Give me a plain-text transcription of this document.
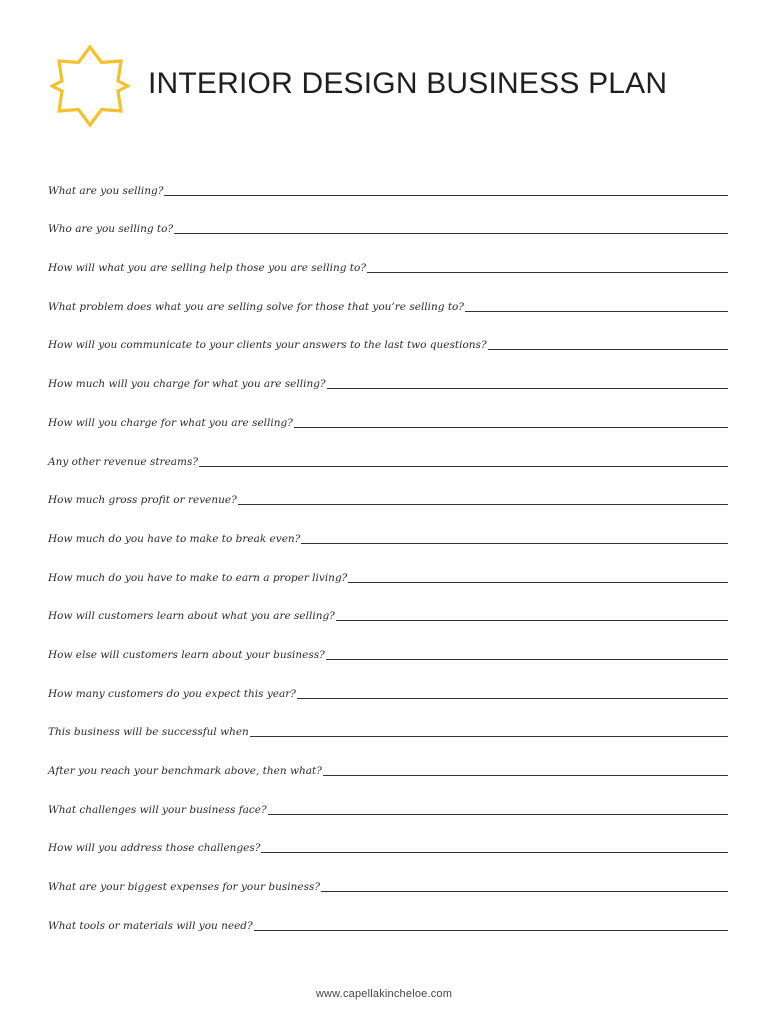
INTERIOR DESIGN BUSINESS PLAN
What are you selling?
Who are you selling to?
How will what you are selling help those you are selling to?
What problem does what you are selling solve for those that you’re selling to?
How will you communicate to your clients your answers to the last two questions?
How much will you charge for what you are selling?
How will you charge for what you are selling?
Any other revenue streams?
How much gross profit or revenue?
How much do you have to make to break even?
How much do you have to make to earn a proper living?
How will customers learn about what you are selling?
How else will customers learn about your business?
How many customers do you expect this year?
This business will be successful when
After you reach your benchmark above, then what?
What challenges will your business face?
How will you address those challenges?
What are your biggest expenses for your business?
What tools or materials will you need?
www.capellakincheloe.com
